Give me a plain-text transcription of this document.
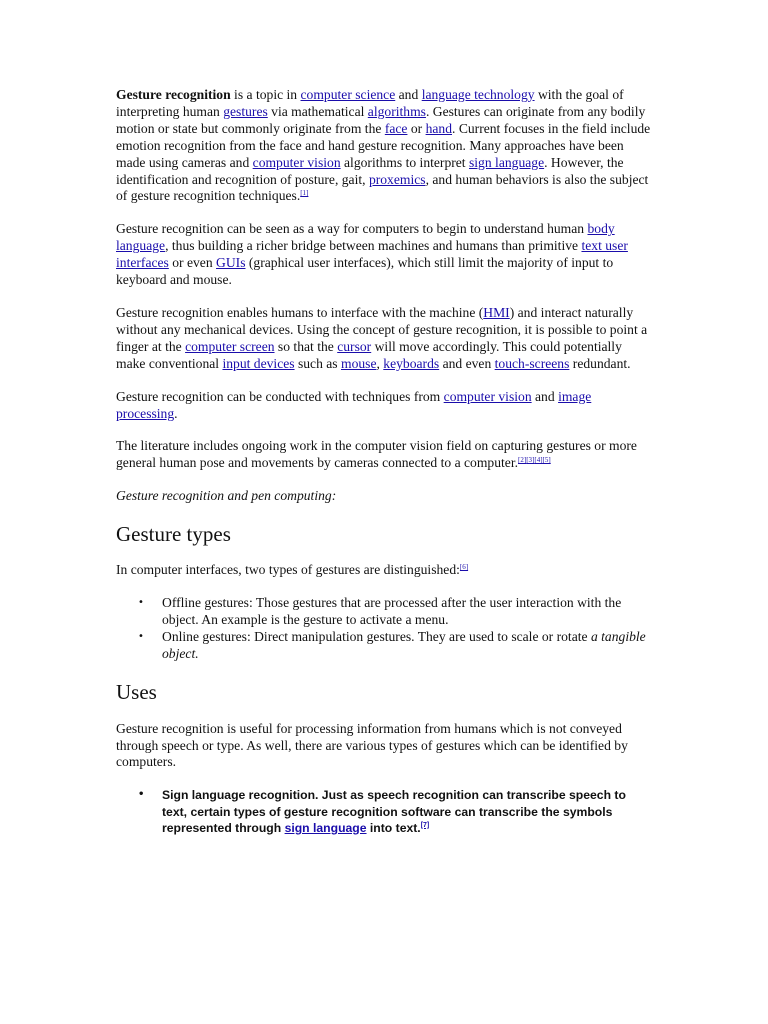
Gesture recognition is a topic in computer science and language technology with the goal of interpreting human gestures via mathematical algorithms. Gestures can originate from any bodily motion or state but commonly originate from the face or hand. Current focuses in the field include emotion recognition from the face and hand gesture recognition. Many approaches have been made using cameras and computer vision algorithms to interpret sign language. However, the identification and recognition of posture, gait, proxemics, and human behaviors is also the subject of gesture recognition techniques.[1]

Gesture recognition can be seen as a way for computers to begin to understand human body language, thus building a richer bridge between machines and humans than primitive text user interfaces or even GUIs (graphical user interfaces), which still limit the majority of input to keyboard and mouse.

Gesture recognition enables humans to interface with the machine (HMI) and interact naturally without any mechanical devices. Using the concept of gesture recognition, it is possible to point a finger at the computer screen so that the cursor will move accordingly. This could potentially make conventional input devices such as mouse, keyboards and even touch-screens redundant.

Gesture recognition can be conducted with techniques from computer vision and image processing.

The literature includes ongoing work in the computer vision field on capturing gestures or more general human pose and movements by cameras connected to a computer.[2][3][4][5]

Gesture recognition and pen computing:

Gesture types

In computer interfaces, two types of gestures are distinguished:[6]

• Offline gestures: Those gestures that are processed after the user interaction with the object. An example is the gesture to activate a menu.
• Online gestures: Direct manipulation gestures. They are used to scale or rotate a tangible object.
Uses

Gesture recognition is useful for processing information from humans which is not conveyed through speech or type. As well, there are various types of gestures which can be identified by computers.

• Sign language recognition. Just as speech recognition can transcribe speech to text, certain types of gesture recognition software can transcribe the symbols represented through sign language into text.[7]
